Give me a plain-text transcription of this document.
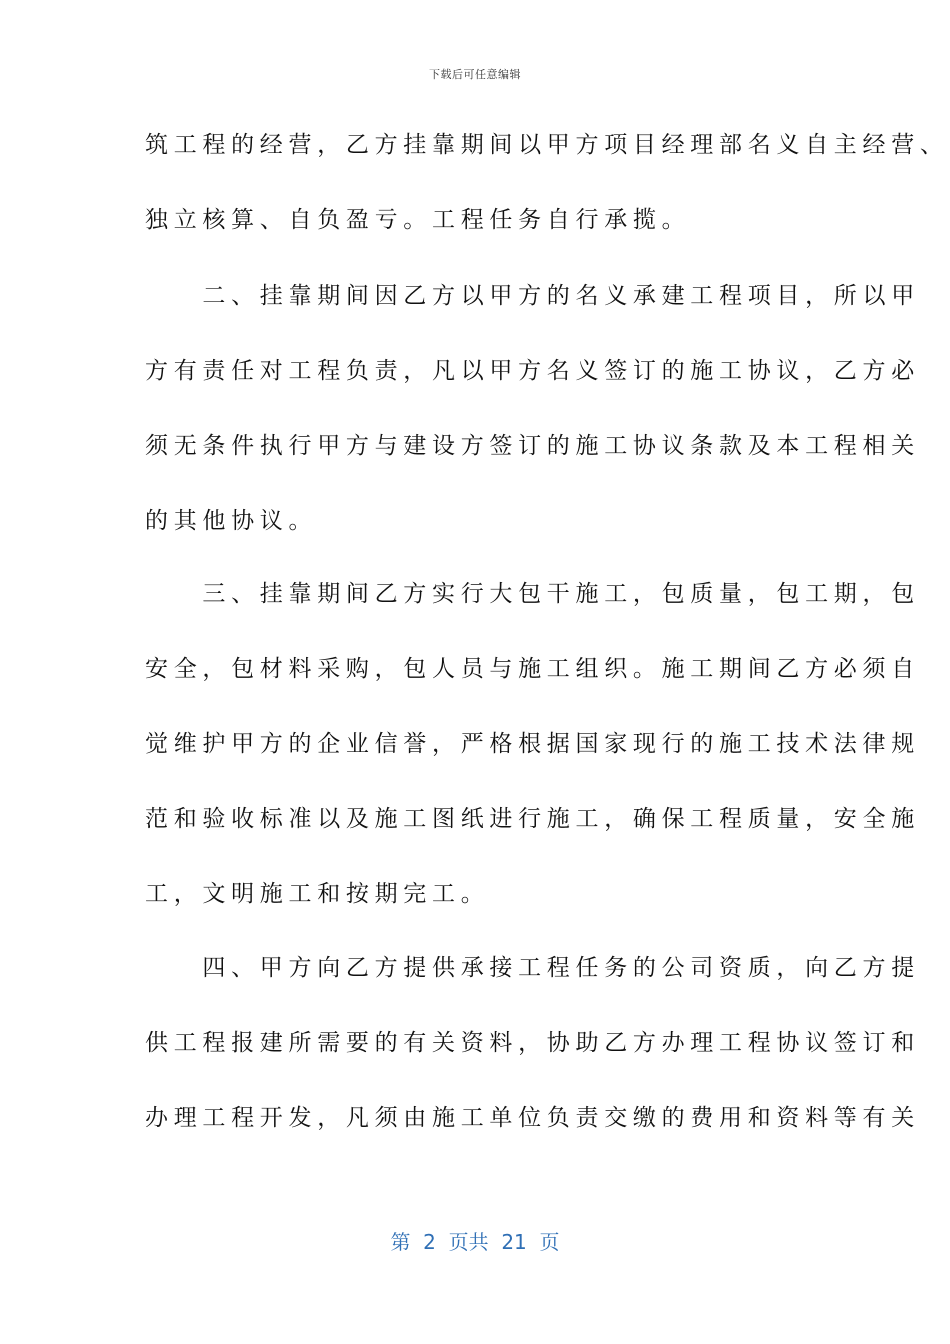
下载后可任意编辑
筑工程的经营，乙方挂靠期间以甲方项目经理部名义自主经营、
独立核算、自负盈亏。工程任务自行承揽。
　　二、挂靠期间因乙方以甲方的名义承建工程项目，所以甲
方有责任对工程负责，凡以甲方名义签订的施工协议，乙方必
须无条件执行甲方与建设方签订的施工协议条款及本工程相关
的其他协议。
　　三、挂靠期间乙方实行大包干施工，包质量，包工期，包
安全，包材料采购，包人员与施工组织。施工期间乙方必须自
觉维护甲方的企业信誉，严格根据国家现行的施工技术法律规
范和验收标准以及施工图纸进行施工，确保工程质量，安全施
工，文明施工和按期完工。
　　四、甲方向乙方提供承接工程任务的公司资质，向乙方提
供工程报建所需要的有关资料，协助乙方办理工程协议签订和
办理工程开发，凡须由施工单位负责交缴的费用和资料等有关
第  2  页共  21  页
